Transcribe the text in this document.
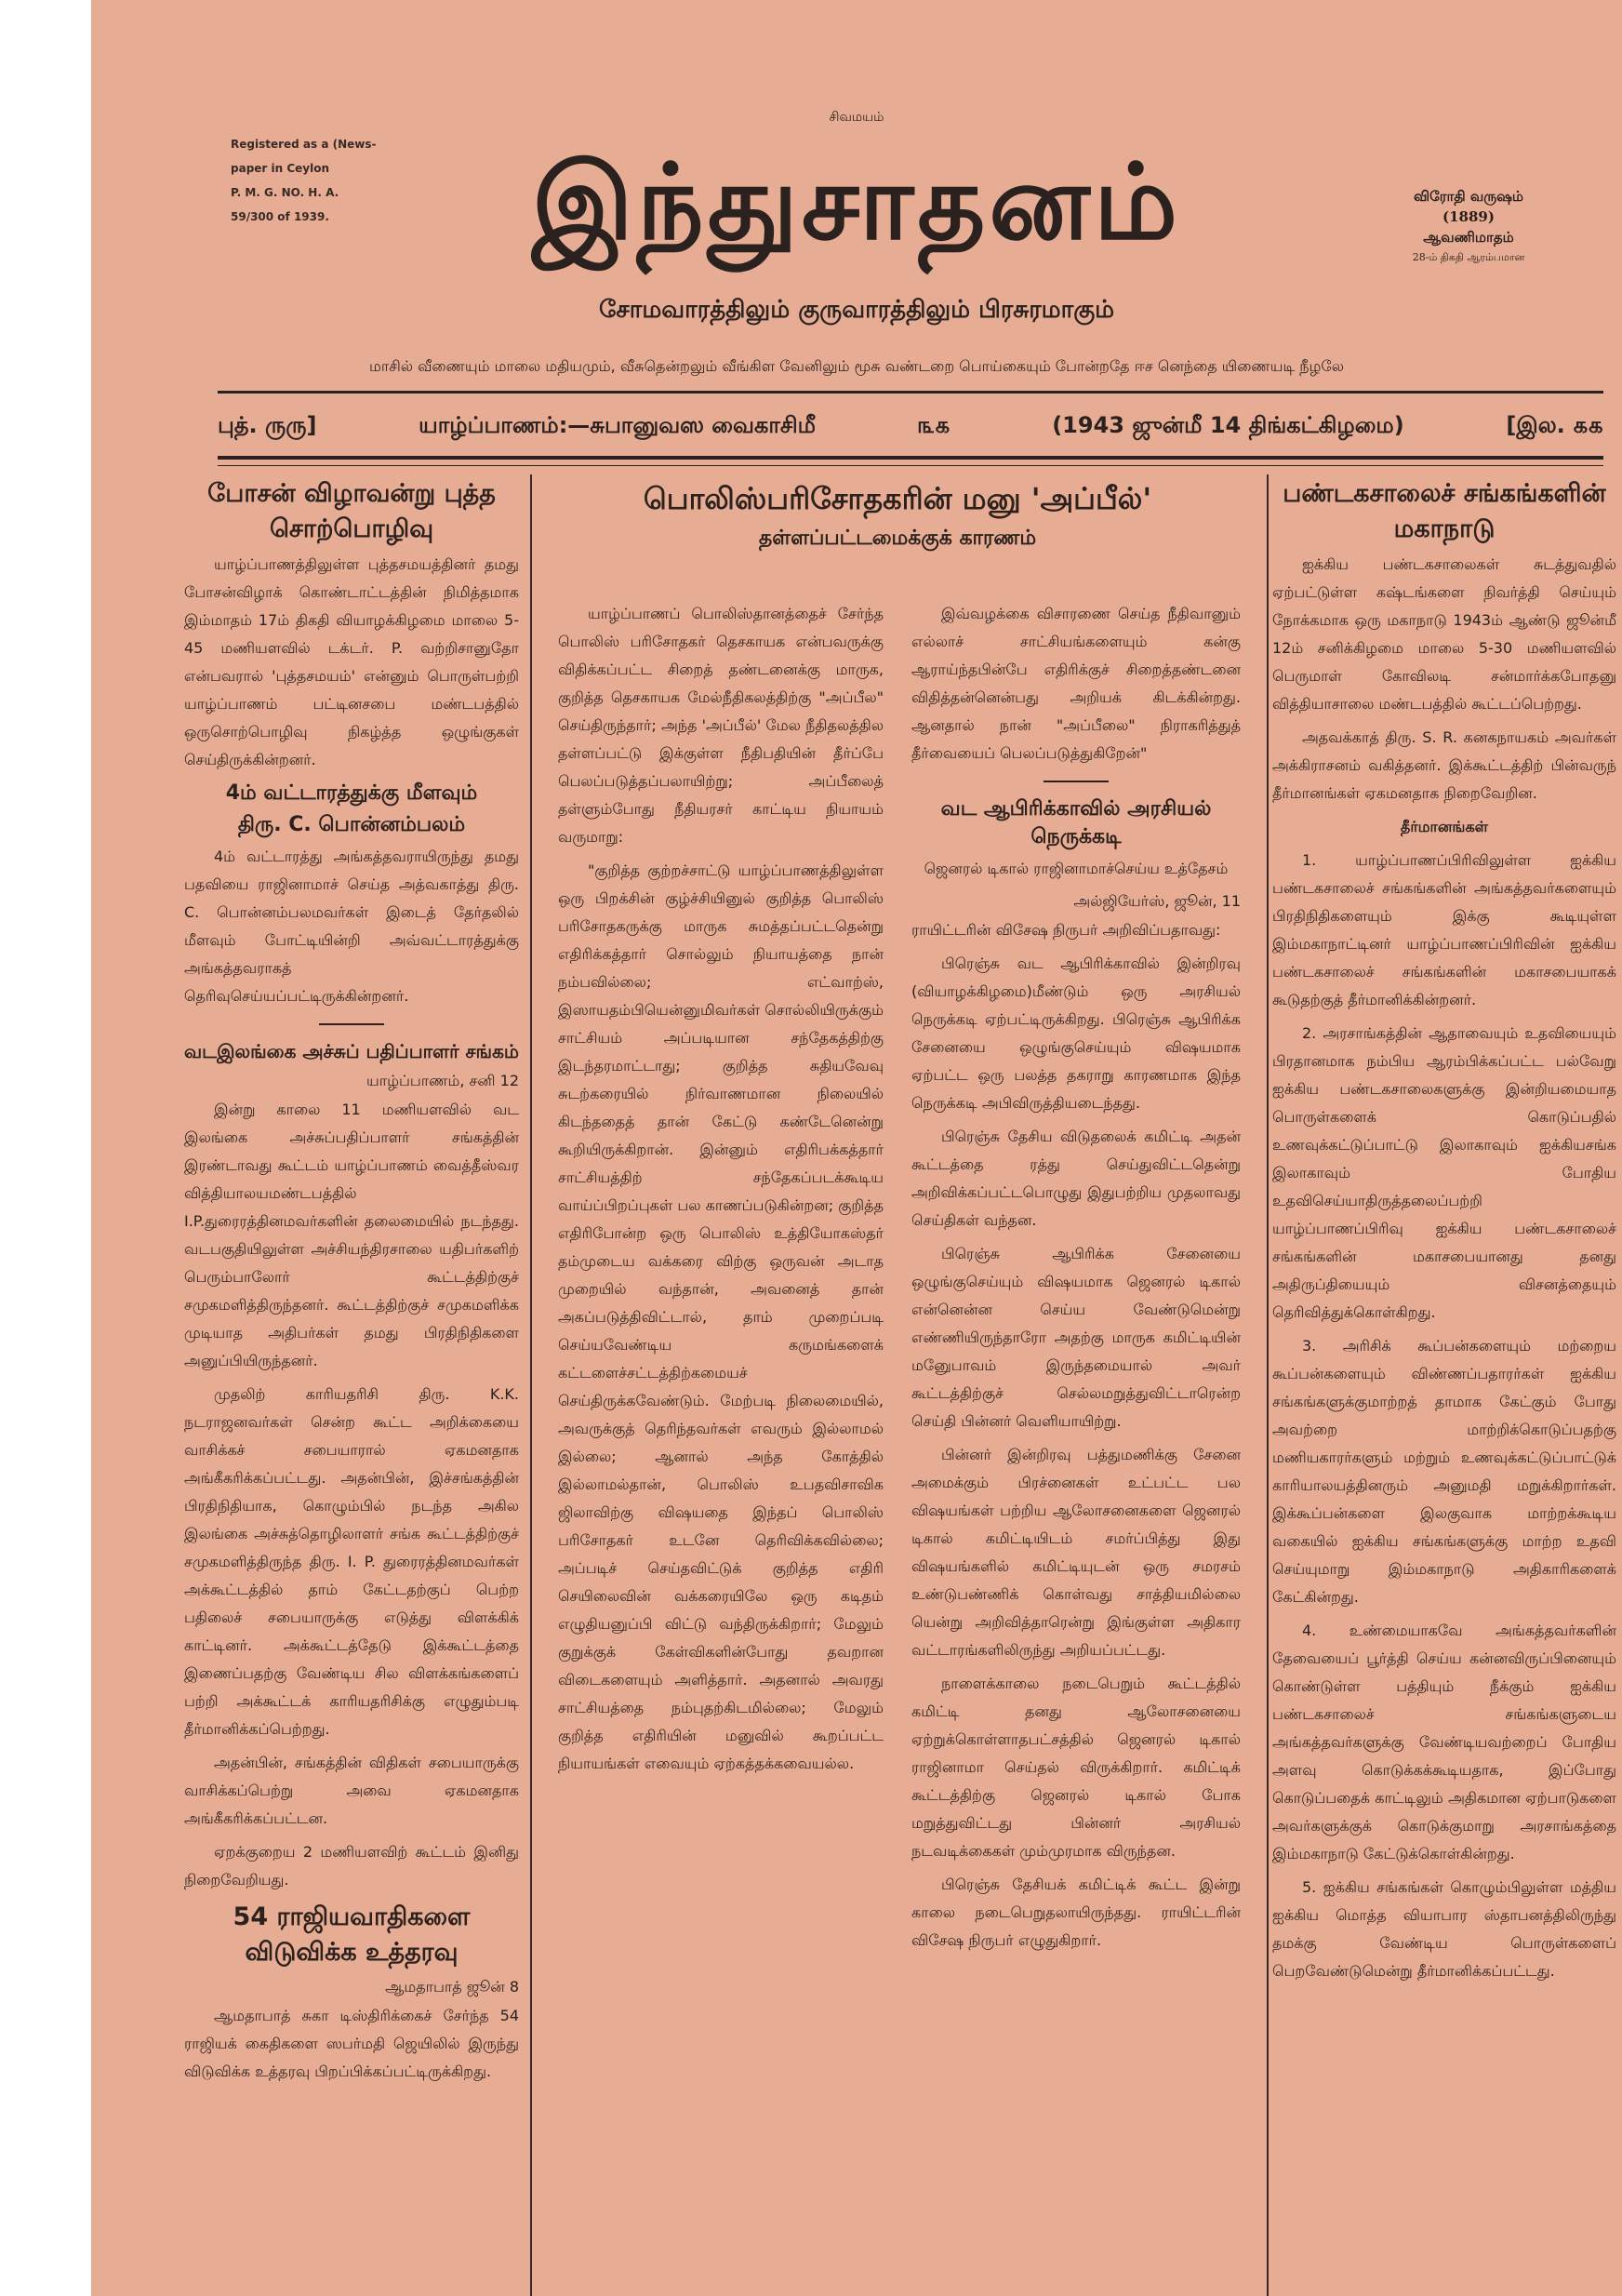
Registered as a (News-
paper in Ceylon
P. M. G. NO. H. A.
59/300 of 1939.
சிவமயம்
இந்துசாதனம்	விரோதி வருஷம்
(1889)
ஆவணிமாதம்
28-ம் திகதி ஆரம்பமான
சோமவாரத்திலும் குருவாரத்திலும் பிரசுரமாகும்
மாசில் வீணையும் மாலை மதியமும், வீசுதென்றலும் வீங்கிள வேனிலும் மூசு வண்டறை பொய்கையும் போன்றதே ஈச னெந்தை யிணையடி நீழலே
புத். ருரு]	யாழ்ப்பாணம்:—சுபானுவஸ வைகாசிமீ	௩௧	(1943 ஜுன்மீ 14 திங்கட்கிழமை)	[இல. ௧௧
போசன் விழாவன்று புத்த சொற்பொழிவு
யாழ்ப்பாணத்திலுள்ள புத்தசமயத்தினர் தமது போசன்விழாக் கொண்டாட்டத்தின் நிமித்தமாக இம்மாதம் 17ம் திகதி வியாழக்கிழமை மாலை 5-45 மணியளவில் டக்டர். P. வற்றிசானுதோ என்பவரால் 'புத்தசமயம்' என்னும் பொருள்பற்றி யாழ்ப்பாணம் பட்டினசபை மண்டபத்தில் ஒருசொற்பொழிவு நிகழ்த்த ஒழுங்குகள் செய்திருக்கின்றனர்.
4ம் வட்டாரத்துக்கு மீளவும்
திரு. C. பொன்னம்பலம்
4ம் வட்டாரத்து அங்கத்தவராயிருந்து தமது பதவியை ராஜினாமாச் செய்த அத்வகாத்து திரு. C. பொன்னம்பலமவர்கள் இடைத் தேர்தலில் மீளவும் போட்டியின்றி அவ்வட்டாரத்துக்கு அங்கத்தவராகத் தெரிவுசெய்யப்பட்டிருக்கின்றனர்.
வடஇலங்கை அச்சுப் பதிப்பாளர் சங்கம்
யாழ்ப்பாணம், சனி 12
இன்று காலை 11 மணியளவில் வட இலங்கை அச்சுப்பதிப்பாளர் சங்கத்தின் இரண்டாவது கூட்டம் யாழ்ப்பாணம் வைத்தீஸ்வர வித்தியாலயமண்டபத்தில் I.P.துரைரத்தினமவர்களின் தலைமையில் நடந்தது. வடபகுதியிலுள்ள அச்சியந்திரசாலை யதிபர்களிற் பெரும்பாலோர் கூட்டத்திற்குச் சமுகமளித்திருந்தனர். கூட்டத்திற்குச் சமுகமளிக்க முடியாத அதிபர்கள் தமது பிரதிநிதிகளை அனுப்பியிருந்தனர்.
முதலிற் காரியதரிசி திரு. K.K. நடராஜனவர்கள் சென்ற கூட்ட அறிக்கையை வாசிக்கச் சபையாரால் ஏகமனதாக அங்கீகரிக்கப்பட்டது. அதன்பின், இச்சங்கத்தின் பிரதிநிதியாக, கொழும்பில் நடந்த அகில இலங்கை அச்சுத்தொழிலாளர் சங்க கூட்டத்திற்குச் சமுகமளித்திருந்த திரு. I. P. துரைரத்தினமவர்கள் அக்கூட்டத்தில் தாம் கேட்டதற்குப் பெற்ற பதிலைச் சபையாருக்கு எடுத்து விளக்கிக் காட்டினர். அக்கூட்டத்தேடு இக்கூட்டத்தை இணைப்பதற்கு வேண்டிய சில விளக்கங்களைப் பற்றி அக்கூட்டக் காரியதரிசிக்கு எழுதும்படி தீர்மானிக்கப்பெற்றது.
அதன்பின், சங்கத்தின் விதிகள் சபையாருக்கு வாசிக்கப்பெற்று அவை ஏகமனதாக அங்கீகரிக்கப்பட்டன.
ஏறக்குறைய 2 மணியளவிற் கூட்டம் இனிது நிறைவேறியது.
54 ராஜியவாதிகளை விடுவிக்க உத்தரவு
ஆமதாபாத் ஜூன் 8
ஆமதாபாத் சுகா டிஸ்திரிக்கைச் சேர்ந்த 54 ராஜியக் கைதிகளை ஸபர்மதி ஜெயிலில் இருந்து விடுவிக்க உத்தரவு பிறப்பிக்கப்பட்டிருக்கிறது.
பொலிஸ்பரிசோதகரின் மனு 'அப்பீல்'
தள்ளப்பட்டமைக்குக் காரணம்
யாழ்ப்பாணப் பொலிஸ்தானத்தைச் சேர்ந்த பொலிஸ் பரிசோதகர் தெசகாயக என்பவருக்கு விதிக்கப்பட்ட சிறைத் தண்டனைக்கு மாருக, குறித்த தெசகாயக மேல்நீதிகலத்திற்கு "அப்பீல" செய்திருந்தார்; அந்த 'அப்பீல்' மேல நீதிதலத்தில தள்ளப்பட்டு இக்குள்ள நீதிபதியின் தீர்ப்பே பெலப்படுத்தப்பலாயிற்று; அப்பீலைத் தள்ளும்போது நீதியரசர் காட்டிய நியாயம் வருமாறு:
"குறித்த குற்றச்சாட்டு யாழ்ப்பாணத்திலுள்ள ஒரு பிறக்சின் குழ்ச்சியினுல் குறித்த பொலிஸ் பரிசோதகருக்கு மாருக சுமத்தப்பட்டதென்று எதிரிக்கத்தார் சொல்லும் நியாயத்தை நான் நம்பவில்லை; எட்வாற்ஸ், இஸாயதம்பியென்னுமிவர்கள் சொல்லியிருக்கும் சாட்சியம் அப்படியான சந்தேகத்திற்கு இடந்தரமாட்டாது; குறித்த சுதியவேவு சுடற்கரையில் நிர்வாணமான நிலையில் கிடந்ததைத் தான் கேட்டு கண்டேனென்று கூறியிருக்கிறான். இன்னும் எதிரிபக்கத்தார் சாட்சியத்திற் சந்தேகப்படக்கூடிய வாய்ப்பிறப்புகள் பல காணப்படுகின்றன; குறித்த எதிரிபோன்ற ஒரு பொலிஸ் உத்தியோகஸ்தர் தம்முடைய வக்கரை விற்கு ஒருவன் அடாத முறையில் வந்தான், அவனைத் தான் அகப்படுத்திவிட்டால், தாம் முறைப்படி செய்யவேண்டிய கருமங்களைக் கட்டளைச்சட்டத்திற்கமையச் செய்திருக்கவேண்டும். மேற்படி நிலைமையில், அவருக்குத் தெரிந்தவர்கள் எவரும் இல்லாமல் இல்லை; ஆனால் அந்த கோத்தில் இல்லாமல்தான், பொலிஸ் உபதவிசாவிக ஜிலாவிற்கு விஷயதை இந்தப் பொலிஸ் பரிசோதகர் உடனே தெரிவிக்கவில்லை; அப்படிச் செய்தவிட்டுக் குறித்த எதிரி செயிலைவின் வக்கரையிலே ஒரு கடிதம் எழுதியனுப்பி விட்டு வந்திருக்கிறார்; மேலும் குறுக்குக் கேள்விகளின்போது தவறான விடைகளையும் அளித்தார். அதனால் அவரது சாட்சியத்தை நம்புதற்கிடமில்லை; மேலும் குறித்த எதிரியின் மனுவில் கூறப்பட்ட நியாயங்கள் எவையும் ஏற்கத்தக்கவையல்ல.
இவ்வழக்கை விசாரணை செய்த நீதிவானும் எல்லாச் சாட்சியங்களையும் கன்கு ஆராய்ந்தபின்பே எதிரிக்குச் சிறைத்தண்டனை விதித்தன்னென்பது அறியக் கிடக்கின்றது. ஆனதால் நான் "அப்பீலை" நிராகரித்துத் தீர்வையைப் பெலப்படுத்துகிறேன்"
வட ஆபிரிக்காவில் அரசியல் நெருக்கடி
ஜெனரல் டிகால் ராஜினாமாச்செய்ய உத்தேசம்
அல்ஜியேர்ஸ், ஜூன், 11
ராயிட்டரின் விசேஷ நிருபர் அறிவிப்பதாவது:
பிரெஞ்சு வட ஆபிரிக்காவில் இன்றிரவு (வியாழக்கிழமை)மீண்டும் ஒரு அரசியல் நெருக்கடி ஏற்பட்டிருக்கிறது. பிரெஞ்சு ஆபிரிக்க சேனையை ஒழுங்குசெய்யும் விஷயமாக ஏற்பட்ட ஒரு பலத்த தகராறு காரணமாக இந்த நெருக்கடி அபிவிருத்தியடைந்தது.
பிரெஞ்சு தேசிய விடுதலைக் கமிட்டி அதன் கூட்டத்தை ரத்து செய்துவிட்டதென்று அறிவிக்கப்பட்டபொழுது இதுபற்றிய முதலாவது செய்திகள் வந்தன.
பிரெஞ்சு ஆபிரிக்க சேனையை ஒழுங்குசெய்யும் விஷயமாக ஜெனரல் டிகால் என்னென்ன செய்ய வேண்டுமென்று எண்ணியிருந்தாரோ அதற்கு மாருக கமிட்டியின் மனுேபாவம் இருந்தமையால் அவர் கூட்டத்திற்குச் செல்லமறுத்துவிட்டாரென்ற செய்தி பின்னர் வெளியாயிற்று.
பின்னர் இன்றிரவு பத்துமணிக்கு சேனை அமைக்கும் பிரச்னைகள் உட்பட்ட பல விஷயங்கள் பற்றிய ஆலோசனைகளை ஜெனரல் டிகால் கமிட்டியிடம் சமர்ப்பித்து இது விஷயங்களில் கமிட்டியுடன் ஒரு சமரசம் உண்டுபண்ணிக் கொள்வது சாத்தியமில்லை யென்று அறிவித்தாரென்று இங்குள்ள அதிகார வட்டாரங்களிலிருந்து அறியப்பட்டது.
நாளைக்காலை நடைபெறும் கூட்டத்தில் கமிட்டி தனது ஆலோசனையை ஏற்றுக்கொள்ளாதபட்சத்தில் ஜெனரல் டிகால் ராஜினாமா செய்தல் விருக்கிறார். கமிட்டிக் கூட்டத்திற்கு ஜெனரல் டிகால் போக மறுத்துவிட்டது பின்னர் அரசியல் நடவடிக்கைகள் மும்முரமாக விருந்தன.
பிரெஞ்சு தேசியக் கமிட்டிக் கூட்ட இன்று காலை நடைபெறுதலாயிருந்தது. ராயிட்டரின் விசேஷ நிருபர் எழுதுகிறார்.
பண்டகசாலைச் சங்கங்களின் மகாநாடு
ஐக்கிய பண்டகசாலைகள் சுடத்துவதில் ஏற்பட்டுள்ள கஷ்டங்களை நிவர்த்தி செய்யும் நோக்கமாக ஒரு மகாநாடு 1943ம் ஆண்டு ஜூன்மீ 12ம் சனிக்கிழமை மாலை 5-30 மணியளவில் பெருமாள் கோவிலடி சன்மார்க்கபோதனு வித்தியாசாலை மண்டபத்தில் கூட்டப்பெற்றது.
அதவக்காத் திரு. S. R. கனகநாயகம் அவர்கள் அக்கிராசனம் வகித்தனர். இக்கூட்டத்திற் பின்வருந் தீர்மானங்கள் ஏகமனதாக நிறைவேறின.
தீர்மானங்கள்
1. யாழ்ப்பாணப்பிரிவிலுள்ள ஐக்கிய பண்டகசாலைச் சங்கங்களின் அங்கத்தவர்களையும் பிரதிநிதிகளையும் இக்கு கூடியுள்ள இம்மகாநாட்டினர் யாழ்ப்பாணப்பிரிவின் ஐக்கிய பண்டகசாலைச் சங்கங்களின் மகாசபையாகக் கூடுதற்குத் தீர்மானிக்கின்றனர்.
2. அரசாங்கத்தின் ஆதாவையும் உதவியையும் பிரதானமாக நம்பிய ஆரம்பிக்கப்பட்ட பல்வேறு ஐக்கிய பண்டகசாலைகளுக்கு இன்றியமையாத பொருள்களைக் கொடுப்பதில் உணவுக்கட்டுப்பாட்டு இலாகாவும் ஐக்கியசங்க இலாகாவும் போதிய உதவிசெய்யாதிருத்தலைப்பற்றி யாழ்ப்பாணப்பிரிவு ஐக்கிய பண்டகசாலைச் சங்கங்களின் மகாசபையானது தனது அதிருப்தியையும் விசனத்தையும் தெரிவித்துக்கொள்கிறது.
3. அரிசிக் கூப்பன்களையும் மற்றைய கூப்பன்களையும் விண்ணப்பதாரர்கள் ஐக்கிய சங்கங்களுக்குமாற்றத் தாமாக கேட்கும் போது அவற்றை மாற்றிக்கொடுப்பதற்கு மணியகாரர்களும் மற்றும் உணவுக்கட்டுப்பாட்டுக் காரியாலயத்தினரும் அனுமதி மறுக்கிறார்கள். இக்கூப்பன்களை இலகுவாக மாற்றக்கூடிய வகையில் ஐக்கிய சங்கங்களுக்கு மாற்ற உதவி செய்யுமாறு இம்மகாநாடு அதிகாரிகளைக் கேட்கின்றது.
4. உண்மையாகவே அங்கத்தவர்களின் தேவையைப் பூர்த்தி செய்ய கன்னவிருப்பினையும் கொண்டுள்ள பத்தியும் நீக்கும் ஐக்கிய பண்டகசாலைச் சங்கங்களுடைய அங்கத்தவர்களுக்கு வேண்டியவற்றைப் போதிய அளவு கொடுக்கக்கூடியதாக, இப்போது கொடுப்பதைக் காட்டிலும் அதிகமான ஏற்பாடுகளை அவர்களுக்குக் கொடுக்குமாறு அரசாங்கத்தை இம்மகாநாடு கேட்டுக்கொள்கின்றது.
5. ஐக்கிய சங்கங்கள் கொழும்பிலுள்ள மத்திய ஐக்கிய மொத்த வியாபார ஸ்தாபனத்திலிருந்து தமக்கு வேண்டிய பொருள்களைப் பெறவேண்டுமென்று தீர்மானிக்கப்பட்டது.
